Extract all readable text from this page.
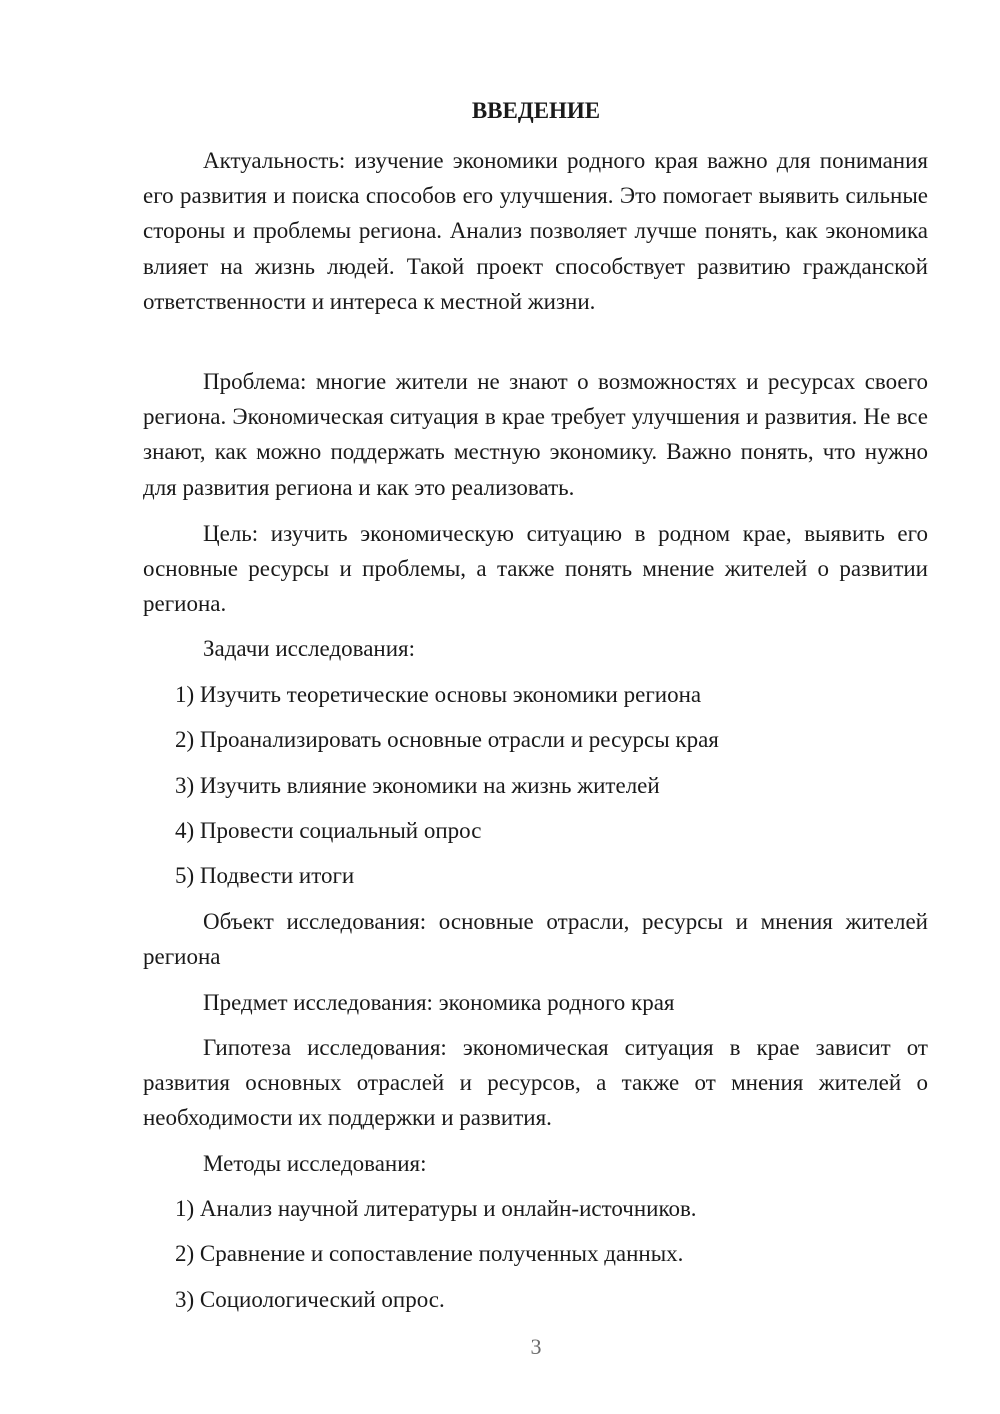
ВВЕДЕНИЕ

Актуальность: изучение экономики родного края важно для понимания его развития и поиска способов его улучшения. Это помогает выявить сильные стороны и проблемы региона. Анализ позволяет лучше понять, как экономика влияет на жизнь людей. Такой проект способствует развитию гражданской ответственности и интереса к местной жизни.

Проблема: многие жители не знают о возможностях и ресурсах своего региона. Экономическая ситуация в крае требует улучшения и развития. Не все знают, как можно поддержать местную экономику. Важно понять, что нужно для развития региона и как это реализовать.

Цель: изучить экономическую ситуацию в родном крае, выявить его основные ресурсы и проблемы, а также понять мнение жителей о развитии региона.

Задачи исследования:

1) Изучить теоретические основы экономики региона

2) Проанализировать основные отрасли и ресурсы края

3) Изучить влияние экономики на жизнь жителей

4) Провести социальный опрос

5) Подвести итоги

Объект исследования: основные отрасли, ресурсы и мнения жителей региона

Предмет исследования: экономика родного края

Гипотеза исследования: экономическая ситуация в крае зависит от развития основных отраслей и ресурсов, а также от мнения жителей о необходимости их поддержки и развития.

Методы исследования:

1) Анализ научной литературы и онлайн-источников.

2) Сравнение и сопоставление полученных данных.

3) Социологический опрос.

3
